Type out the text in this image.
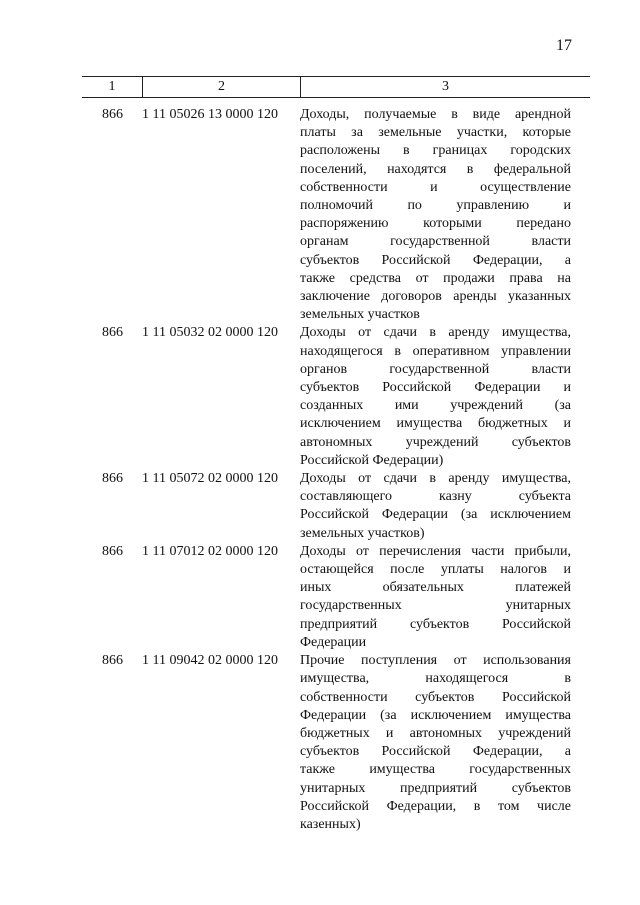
17
1	2	3
866	1 11 05026 13 0000 120	Доходы, получаемые в виде арендной
платы за земельные участки, которые
расположены в границах городских
поселений, находятся в федеральной
собственности и осуществление
полномочий по управлению и
распоряжению которыми передано
органам государственной власти
субъектов Российской Федерации, а
также средства от продажи права на
заключение договоров аренды указанных
земельных участков
866	1 11 05032 02 0000 120	Доходы от сдачи в аренду имущества,
находящегося в оперативном управлении
органов государственной власти
субъектов Российской Федерации и
созданных ими учреждений (за
исключением имущества бюджетных и
автономных учреждений субъектов
Российской Федерации)
866	1 11 05072 02 0000 120	Доходы от сдачи в аренду имущества,
составляющего казну субъекта
Российской Федерации (за исключением
земельных участков)
866	1 11 07012 02 0000 120	Доходы от перечисления части прибыли,
остающейся после уплаты налогов и
иных обязательных платежей
государственных унитарных
предприятий субъектов Российской
Федерации
866	1 11 09042 02 0000 120	Прочие поступления от использования
имущества, находящегося в
собственности субъектов Российской
Федерации (за исключением имущества
бюджетных и автономных учреждений
субъектов Российской Федерации, а
также имущества государственных
унитарных предприятий субъектов
Российской Федерации, в том числе
казенных)
